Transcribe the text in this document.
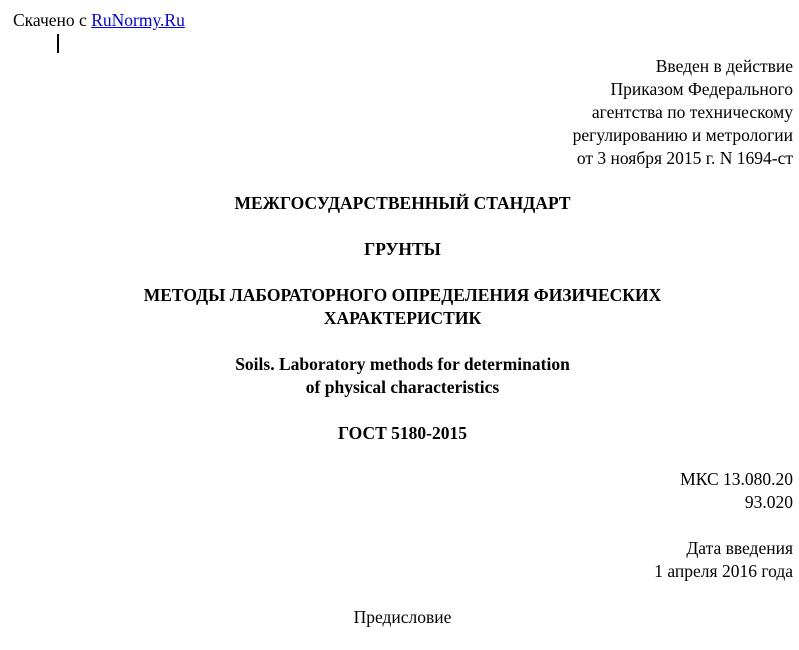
Скачено с RuNormy.Ru
Введен в действие
Приказом Федерального
агентства по техническому
регулированию и метрологии
от 3 ноября 2015 г. N 1694-ст
МЕЖГОСУДАРСТВЕННЫЙ СТАНДАРТ
ГРУНТЫ
МЕТОДЫ ЛАБОРАТОРНОГО ОПРЕДЕЛЕНИЯ ФИЗИЧЕСКИХ
ХАРАКТЕРИСТИК
Soils. Laboratory methods for determination
of physical characteristics
ГОСТ 5180-2015
МКС 13.080.20
93.020
Дата введения
1 апреля 2016 года
Предисловие
